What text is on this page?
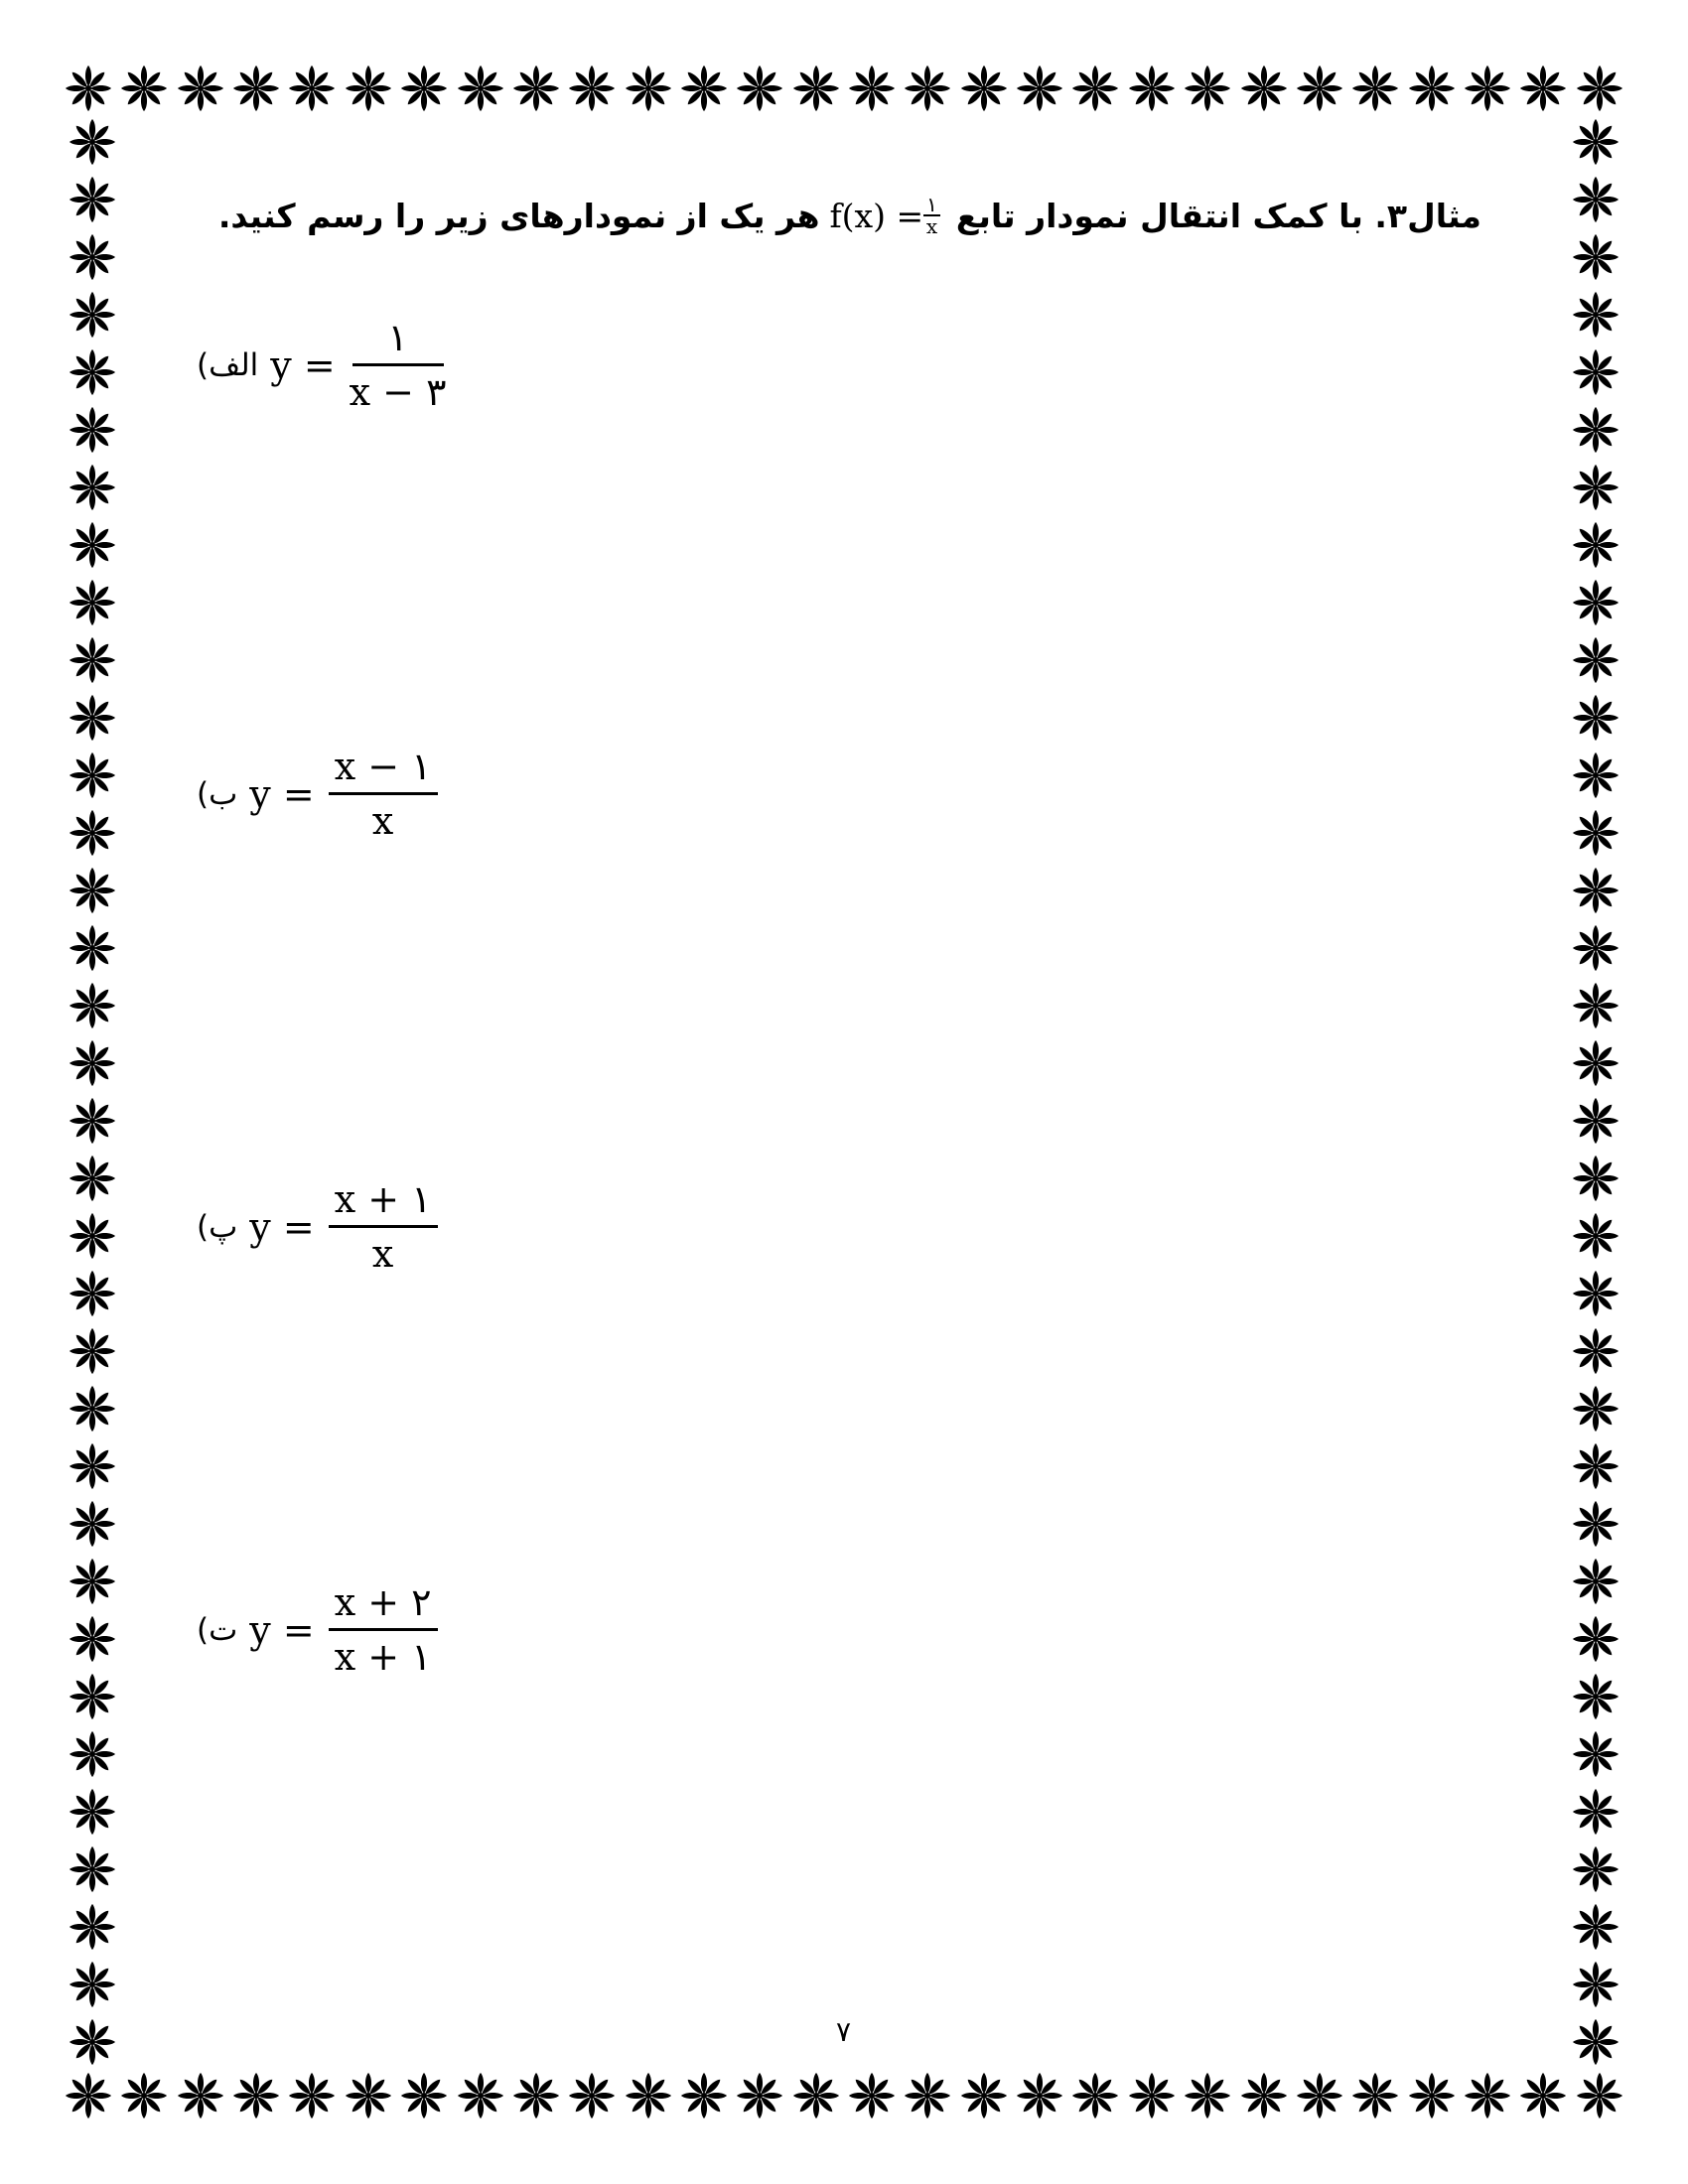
مثال۳. با کمک انتقال نمودار تابع
$f(x) = \frac{۱}{x}$
هر یک از نمودارهای زیر را رسم کنید.
(الف $y = \frac{۱}{x - ۳}$
(ب $y = \frac{x - ۱}{x}$
(پ $y = \frac{x + ۱}{x}$
(ت $y = \frac{x + ۲}{x + ۱}$
۷
